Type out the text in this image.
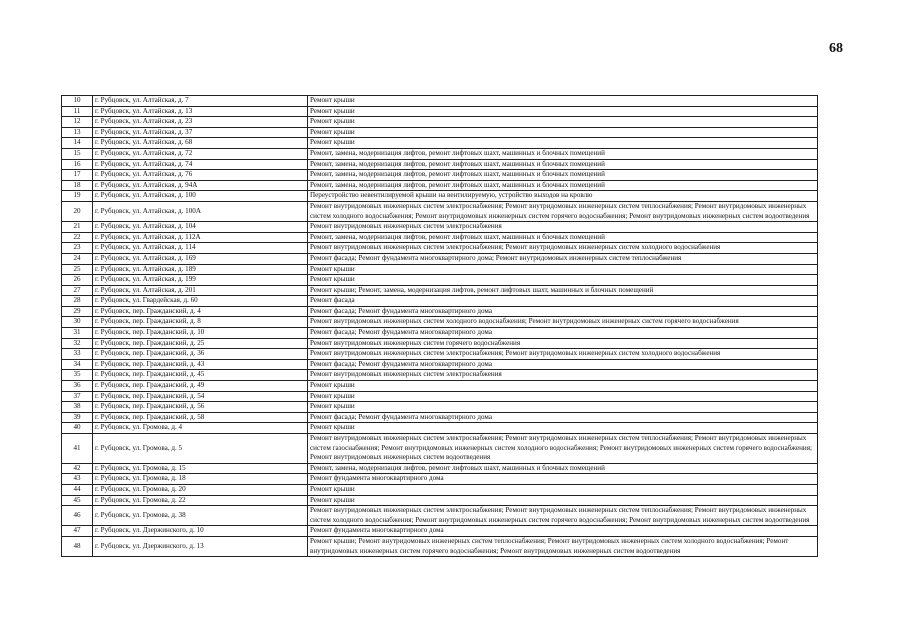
68
10	г. Рубцовск, ул. Алтайская, д. 7	Ремонт крыши
11	г. Рубцовск, ул. Алтайская, д. 13	Ремонт крыши
12	г. Рубцовск, ул. Алтайская, д. 23	Ремонт крыши
13	г. Рубцовск, ул. Алтайская, д. 37	Ремонт крыши
14	г. Рубцовск, ул. Алтайская, д. 68	Ремонт крыши
15	г. Рубцовск, ул. Алтайская, д. 72	Ремонт, замена, модернизация лифтов, ремонт лифтовых шахт, машинных и блочных помещений
16	г. Рубцовск, ул. Алтайская, д. 74	Ремонт, замена, модернизация лифтов, ремонт лифтовых шахт, машинных и блочных помещений
17	г. Рубцовск, ул. Алтайская, д. 76	Ремонт, замена, модернизация лифтов, ремонт лифтовых шахт, машинных и блочных помещений
18	г. Рубцовск, ул. Алтайская, д. 94А	Ремонт, замена, модернизация лифтов, ремонт лифтовых шахт, машинных и блочных помещений
19	г. Рубцовск, ул. Алтайская, д. 100	Переустройство невентилируемой крыши на вентилируемую, устройство выходов на кровлю
20	г. Рубцовск, ул. Алтайская, д. 100А	Ремонт внутридомовых инженерных систем электроснабжения; Ремонт внутридомовых инженерных систем теплоснабжения; Ремонт внутридомовых инженерных систем холодного водоснабжения; Ремонт внутридомовых инженерных систем горячего водоснабжения; Ремонт внутридомовых инженерных систем водоотведения
21	г. Рубцовск, ул. Алтайская, д. 104	Ремонт внутридомовых инженерных систем электроснабжения
22	г. Рубцовск, ул. Алтайская, д. 112А	Ремонт, замена, модернизация лифтов, ремонт лифтовых шахт, машинных и блочных помещений
23	г. Рубцовск, ул. Алтайская, д. 114	Ремонт внутридомовых инженерных систем электроснабжения; Ремонт внутридомовых инженерных систем холодного водоснабжения
24	г. Рубцовск, ул. Алтайская, д. 169	Ремонт фасада; Ремонт фундамента многоквартирного дома; Ремонт внутридомовых инженерных систем теплоснабжения
25	г. Рубцовск, ул. Алтайская, д. 189	Ремонт крыши
26	г. Рубцовск, ул. Алтайская, д. 199	Ремонт крыши
27	г. Рубцовск, ул. Алтайская, д. 201	Ремонт крыши; Ремонт, замена, модернизация лифтов, ремонт лифтовых шахт, машинных и блочных помещений
28	г. Рубцовск, ул. Гвардейская, д. 60	Ремонт фасада
29	г. Рубцовск, пер. Гражданский, д. 4	Ремонт фасада; Ремонт фундамента многоквартирного дома
30	г. Рубцовск, пер. Гражданский, д. 8	Ремонт внутридомовых инженерных систем холодного водоснабжения; Ремонт внутридомовых инженерных систем горячего водоснабжения
31	г. Рубцовск, пер. Гражданский, д. 10	Ремонт фасада; Ремонт фундамента многоквартирного дома
32	г. Рубцовск, пер. Гражданский, д. 25	Ремонт внутридомовых инженерных систем горячего водоснабжения
33	г. Рубцовск, пер. Гражданский, д. 36	Ремонт внутридомовых инженерных систем электроснабжения; Ремонт внутридомовых инженерных систем холодного водоснабжения
34	г. Рубцовск, пер. Гражданский, д. 43	Ремонт фасада; Ремонт фундамента многоквартирного дома
35	г. Рубцовск, пер. Гражданский, д. 45	Ремонт внутридомовых инженерных систем электроснабжения
36	г. Рубцовск, пер. Гражданский, д. 49	Ремонт крыши
37	г. Рубцовск, пер. Гражданский, д. 54	Ремонт крыши
38	г. Рубцовск, пер. Гражданский, д. 56	Ремонт крыши
39	г. Рубцовск, пер. Гражданский, д. 58	Ремонт фасада; Ремонт фундамента многоквартирного дома
40	г. Рубцовск, ул. Громова, д. 4	Ремонт крыши
41	г. Рубцовск, ул. Громова, д. 5	Ремонт внутридомовых инженерных систем электроснабжения; Ремонт внутридомовых инженерных систем теплоснабжения; Ремонт внутридомовых инженерных систем газоснабжения; Ремонт внутридомовых инженерных систем холодного водоснабжения; Ремонт внутридомовых инженерных систем горячего водоснабжения; Ремонт внутридомовых инженерных систем водоотведения
42	г. Рубцовск, ул. Громова, д. 15	Ремонт, замена, модернизация лифтов, ремонт лифтовых шахт, машинных и блочных помещений
43	г. Рубцовск, ул. Громова, д. 18	Ремонт фундамента многоквартирного дома
44	г. Рубцовск, ул. Громова, д. 20	Ремонт крыши
45	г. Рубцовск, ул. Громова, д. 22	Ремонт крыши
46	г. Рубцовск, ул. Громова, д. 38	Ремонт внутридомовых инженерных систем электроснабжения; Ремонт внутридомовых инженерных систем теплоснабжения; Ремонт внутридомовых инженерных систем холодного водоснабжения; Ремонт внутридомовых инженерных систем горячего водоснабжения; Ремонт внутридомовых инженерных систем водоотведения
47	г. Рубцовск, ул. Дзержинского, д. 10	Ремонт фундамента многоквартирного дома
48	г. Рубцовск, ул. Дзержинского, д. 13	Ремонт крыши; Ремонт внутридомовых инженерных систем теплоснабжения; Ремонт внутридомовых инженерных систем холодного водоснабжения; Ремонт внутридомовых инженерных систем горячего водоснабжения; Ремонт внутридомовых инженерных систем водоотведения
